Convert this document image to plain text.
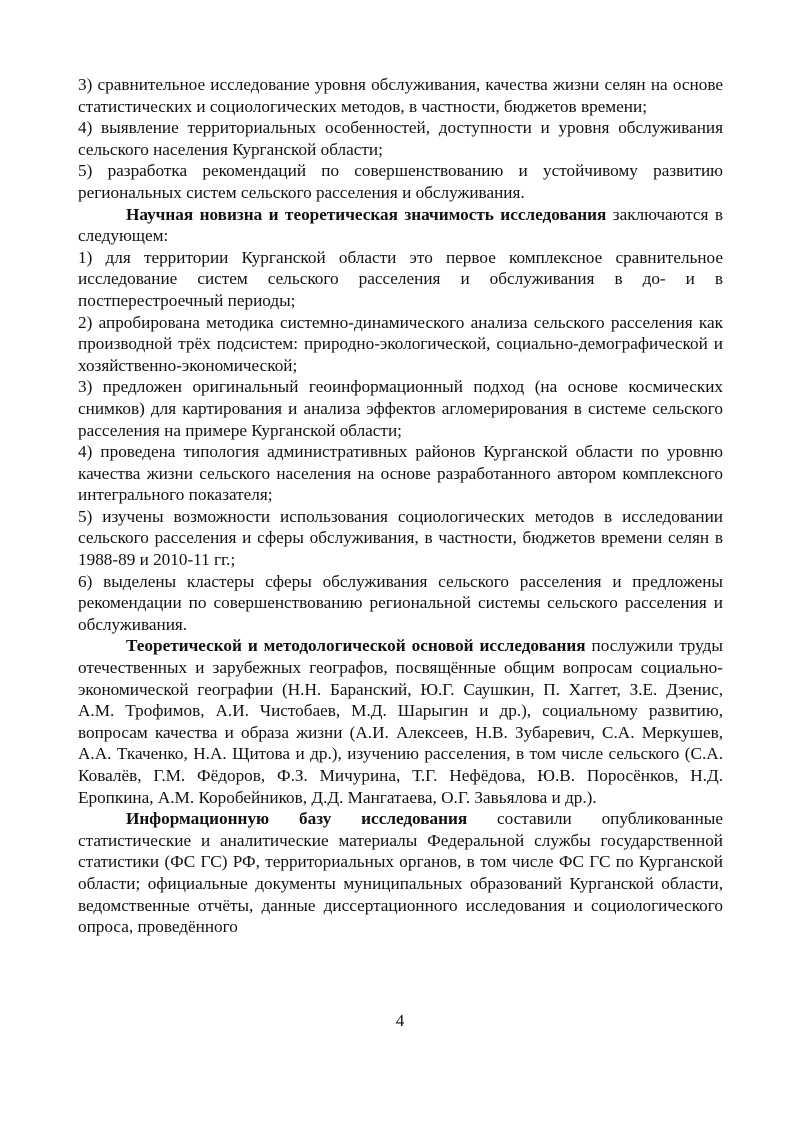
3) сравнительное исследование уровня обслуживания, качества жизни селян на основе статистических и социологических методов, в частности, бюджетов времени;

4) выявление территориальных особенностей, доступности и уровня обслуживания сельского населения Курганской области;

5) разработка рекомендаций по совершенствованию и устойчивому развитию региональных систем сельского расселения и обслуживания.

Научная новизна и теоретическая значимость исследования заключаются в следующем:

1) для территории Курганской области это первое комплексное сравнительное исследование систем сельского расселения и обслуживания в до- и в постперестроечный периоды;

2) апробирована методика системно-динамического анализа сельского расселения как производной трёх подсистем: природно-экологической, социально-демографической и хозяйственно-экономической;

3) предложен оригинальный геоинформационный подход (на основе космических снимков) для картирования и анализа эффектов агломерирования в системе сельского расселения на примере Курганской области;

4) проведена типология административных районов Курганской области по уровню качества жизни сельского населения на основе разработанного автором комплексного интегрального показателя;

5) изучены возможности использования социологических методов в исследовании сельского расселения и сферы обслуживания, в частности, бюджетов времени селян в 1988-89 и 2010-11 гг.;

6) выделены кластеры сферы обслуживания сельского расселения и предложены рекомендации по совершенствованию региональной системы сельского расселения и обслуживания.

Теоретической и методологической основой исследования послужили труды отечественных и зарубежных географов, посвящённые общим вопросам социально-экономической географии (Н.Н. Баранский, Ю.Г. Саушкин, П. Хаггет, З.Е. Дзенис, А.М. Трофимов, А.И. Чистобаев, М.Д. Шарыгин и др.), социальному развитию, вопросам качества и образа жизни (А.И. Алексеев, Н.В. Зубаревич, С.А. Меркушев, А.А. Ткаченко, Н.А. Щитова и др.), изучению расселения, в том числе сельского (С.А. Ковалёв, Г.М. Фёдоров, Ф.З. Мичурина, Т.Г. Нефёдова, Ю.В. Поросёнков, Н.Д. Еропкина, А.М. Коробейников, Д.Д. Мангатаева, О.Г. Завьялова и др.).

Информационную базу исследования составили опубликованные статистические и аналитические материалы Федеральной службы государственной статистики (ФС ГС) РФ, территориальных органов, в том числе ФС ГС по Курганской области; официальные документы муниципальных образований Курганской области, ведомственные отчёты, данные диссертационного исследования и социологического опроса, проведённого

4
